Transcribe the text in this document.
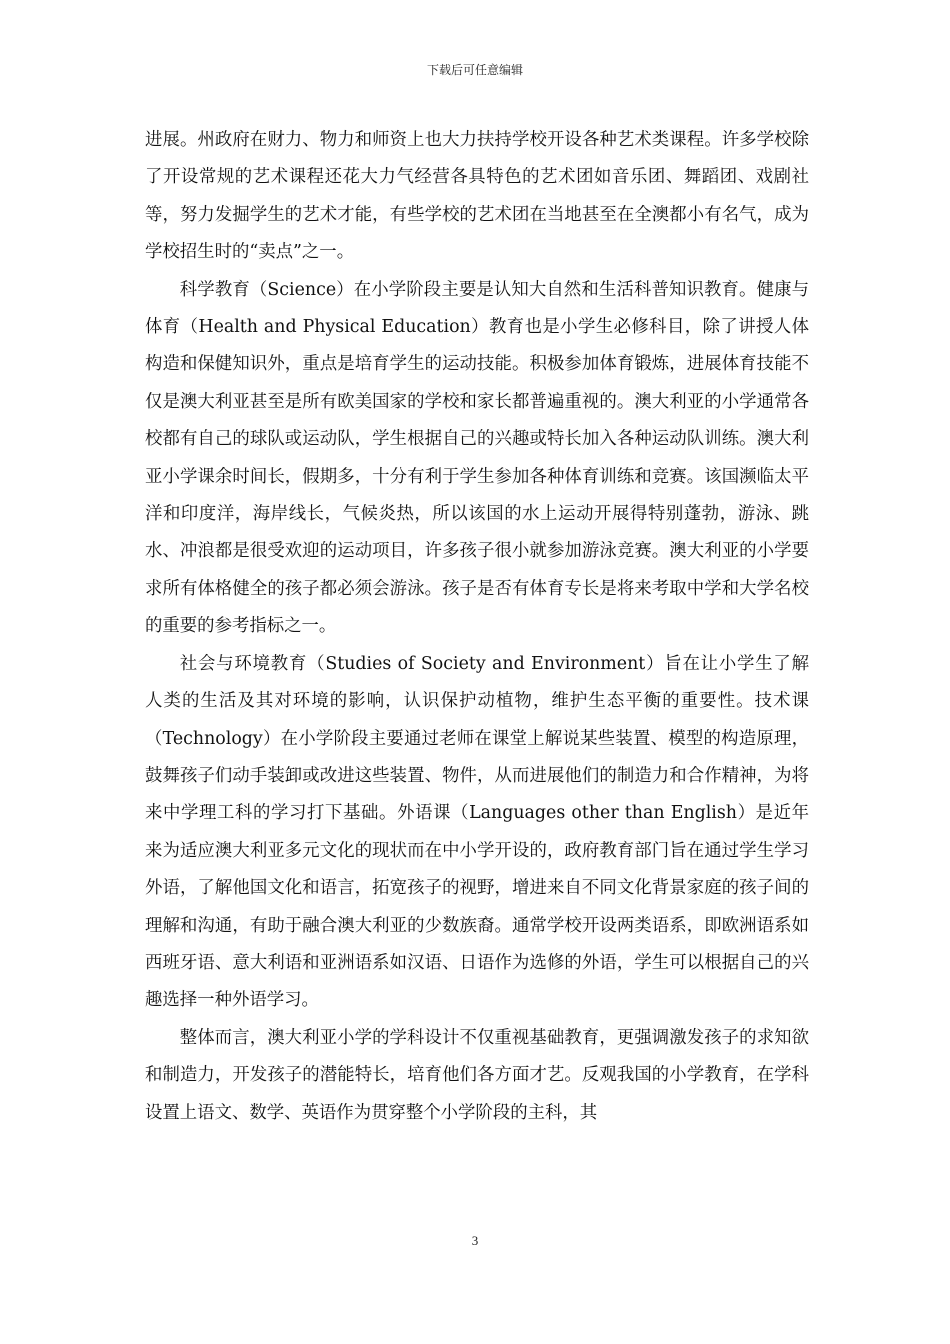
下载后可任意编辑

进展。州政府在财力、物力和师资上也大力扶持学校开设各种艺术类课程。许多学校除了开设常规的艺术课程还花大力气经营各具特色的艺术团如音乐团、舞蹈团、戏剧社等，努力发掘学生的艺术才能，有些学校的艺术团在当地甚至在全澳都小有名气，成为学校招生时的“卖点”之一。

科学教育（Science）在小学阶段主要是认知大自然和生活科普知识教育。健康与体育（Health and Physical Education）教育也是小学生必修科目，除了讲授人体构造和保健知识外，重点是培育学生的运动技能。积极参加体育锻炼，进展体育技能不仅是澳大利亚甚至是所有欧美国家的学校和家长都普遍重视的。澳大利亚的小学通常各校都有自己的球队或运动队，学生根据自己的兴趣或特长加入各种运动队训练。澳大利亚小学课余时间长，假期多，十分有利于学生参加各种体育训练和竞赛。该国濒临太平洋和印度洋，海岸线长，气候炎热，所以该国的水上运动开展得特别蓬勃，游泳、跳水、冲浪都是很受欢迎的运动项目，许多孩子很小就参加游泳竞赛。澳大利亚的小学要求所有体格健全的孩子都必须会游泳。孩子是否有体育专长是将来考取中学和大学名校的重要的参考指标之一。

社会与环境教育（Studies of Society and Environment）旨在让小学生了解人类的生活及其对环境的影响，认识保护动植物，维护生态平衡的重要性。技术课（Technology）在小学阶段主要通过老师在课堂上解说某些装置、模型的构造原理，鼓舞孩子们动手装卸或改进这些装置、物件，从而进展他们的制造力和合作精神，为将来中学理工科的学习打下基础。外语课（Languages other than English）是近年来为适应澳大利亚多元文化的现状而在中小学开设的，政府教育部门旨在通过学生学习外语，了解他国文化和语言，拓宽孩子的视野，增进来自不同文化背景家庭的孩子间的理解和沟通，有助于融合澳大利亚的少数族裔。通常学校开设两类语系，即欧洲语系如西班牙语、意大利语和亚洲语系如汉语、日语作为选修的外语，学生可以根据自己的兴趣选择一种外语学习。

整体而言，澳大利亚小学的学科设计不仅重视基础教育，更强调激发孩子的求知欲和制造力，开发孩子的潜能特长，培育他们各方面才艺。反观我国的小学教育，在学科设置上语文、数学、英语作为贯穿整个小学阶段的主科，其

3
